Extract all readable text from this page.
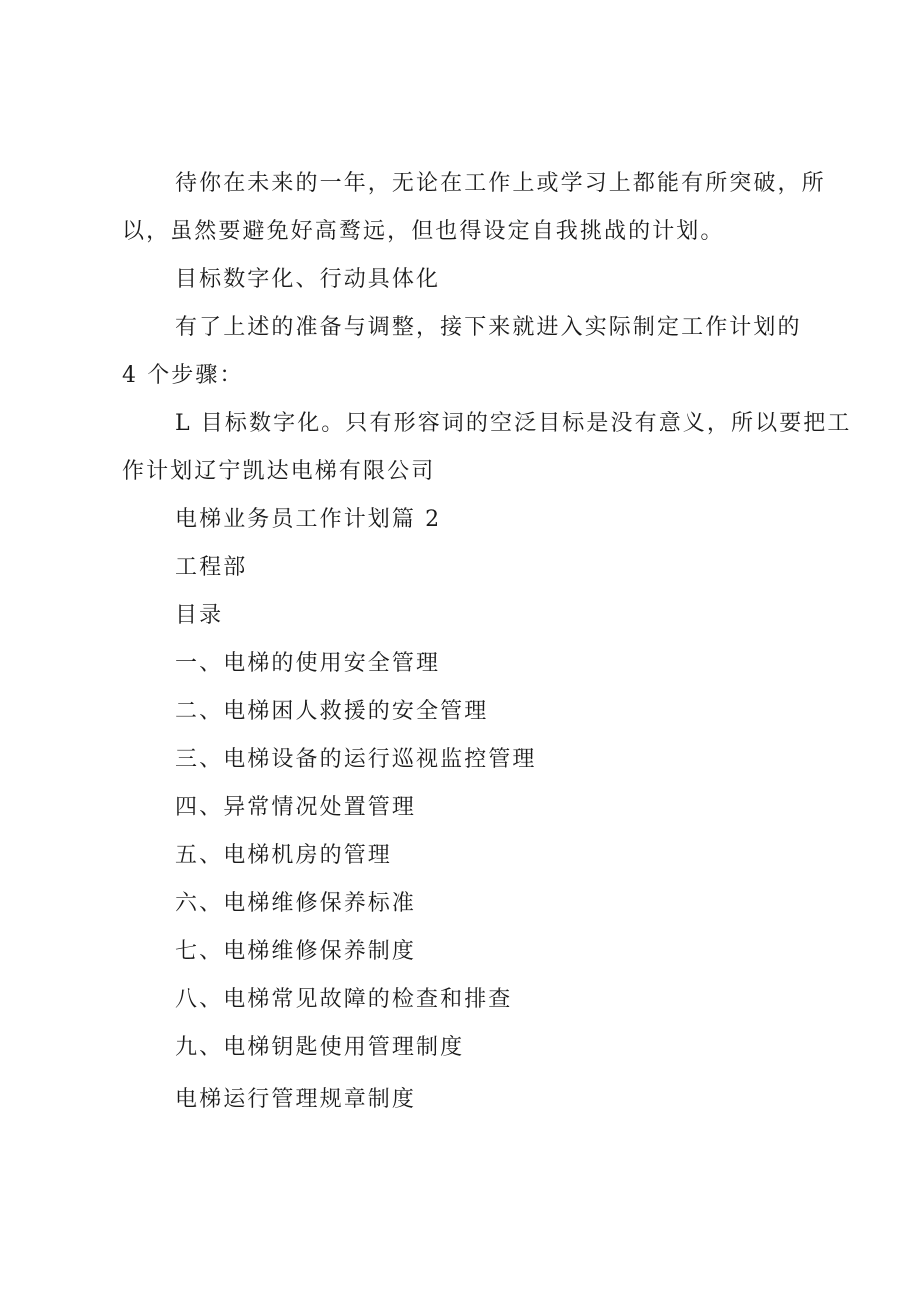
待你在未来的一年，无论在工作上或学习上都能有所突破，所
以，虽然要避免好高鹜远，但也得设定自我挑战的计划。
目标数字化、行动具体化
有了上述的准备与调整，接下来就进入实际制定工作计划的
4 个步骤：
L 目标数字化。只有形容词的空泛目标是没有意义，所以要把工
作计划辽宁凯达电梯有限公司
电梯业务员工作计划篇 2
工程部
目录
一、电梯的使用安全管理
二、电梯困人救援的安全管理
三、电梯设备的运行巡视监控管理
四、异常情况处置管理
五、电梯机房的管理
六、电梯维修保养标准
七、电梯维修保养制度
八、电梯常见故障的检查和排查
九、电梯钥匙使用管理制度
电梯运行管理规章制度
